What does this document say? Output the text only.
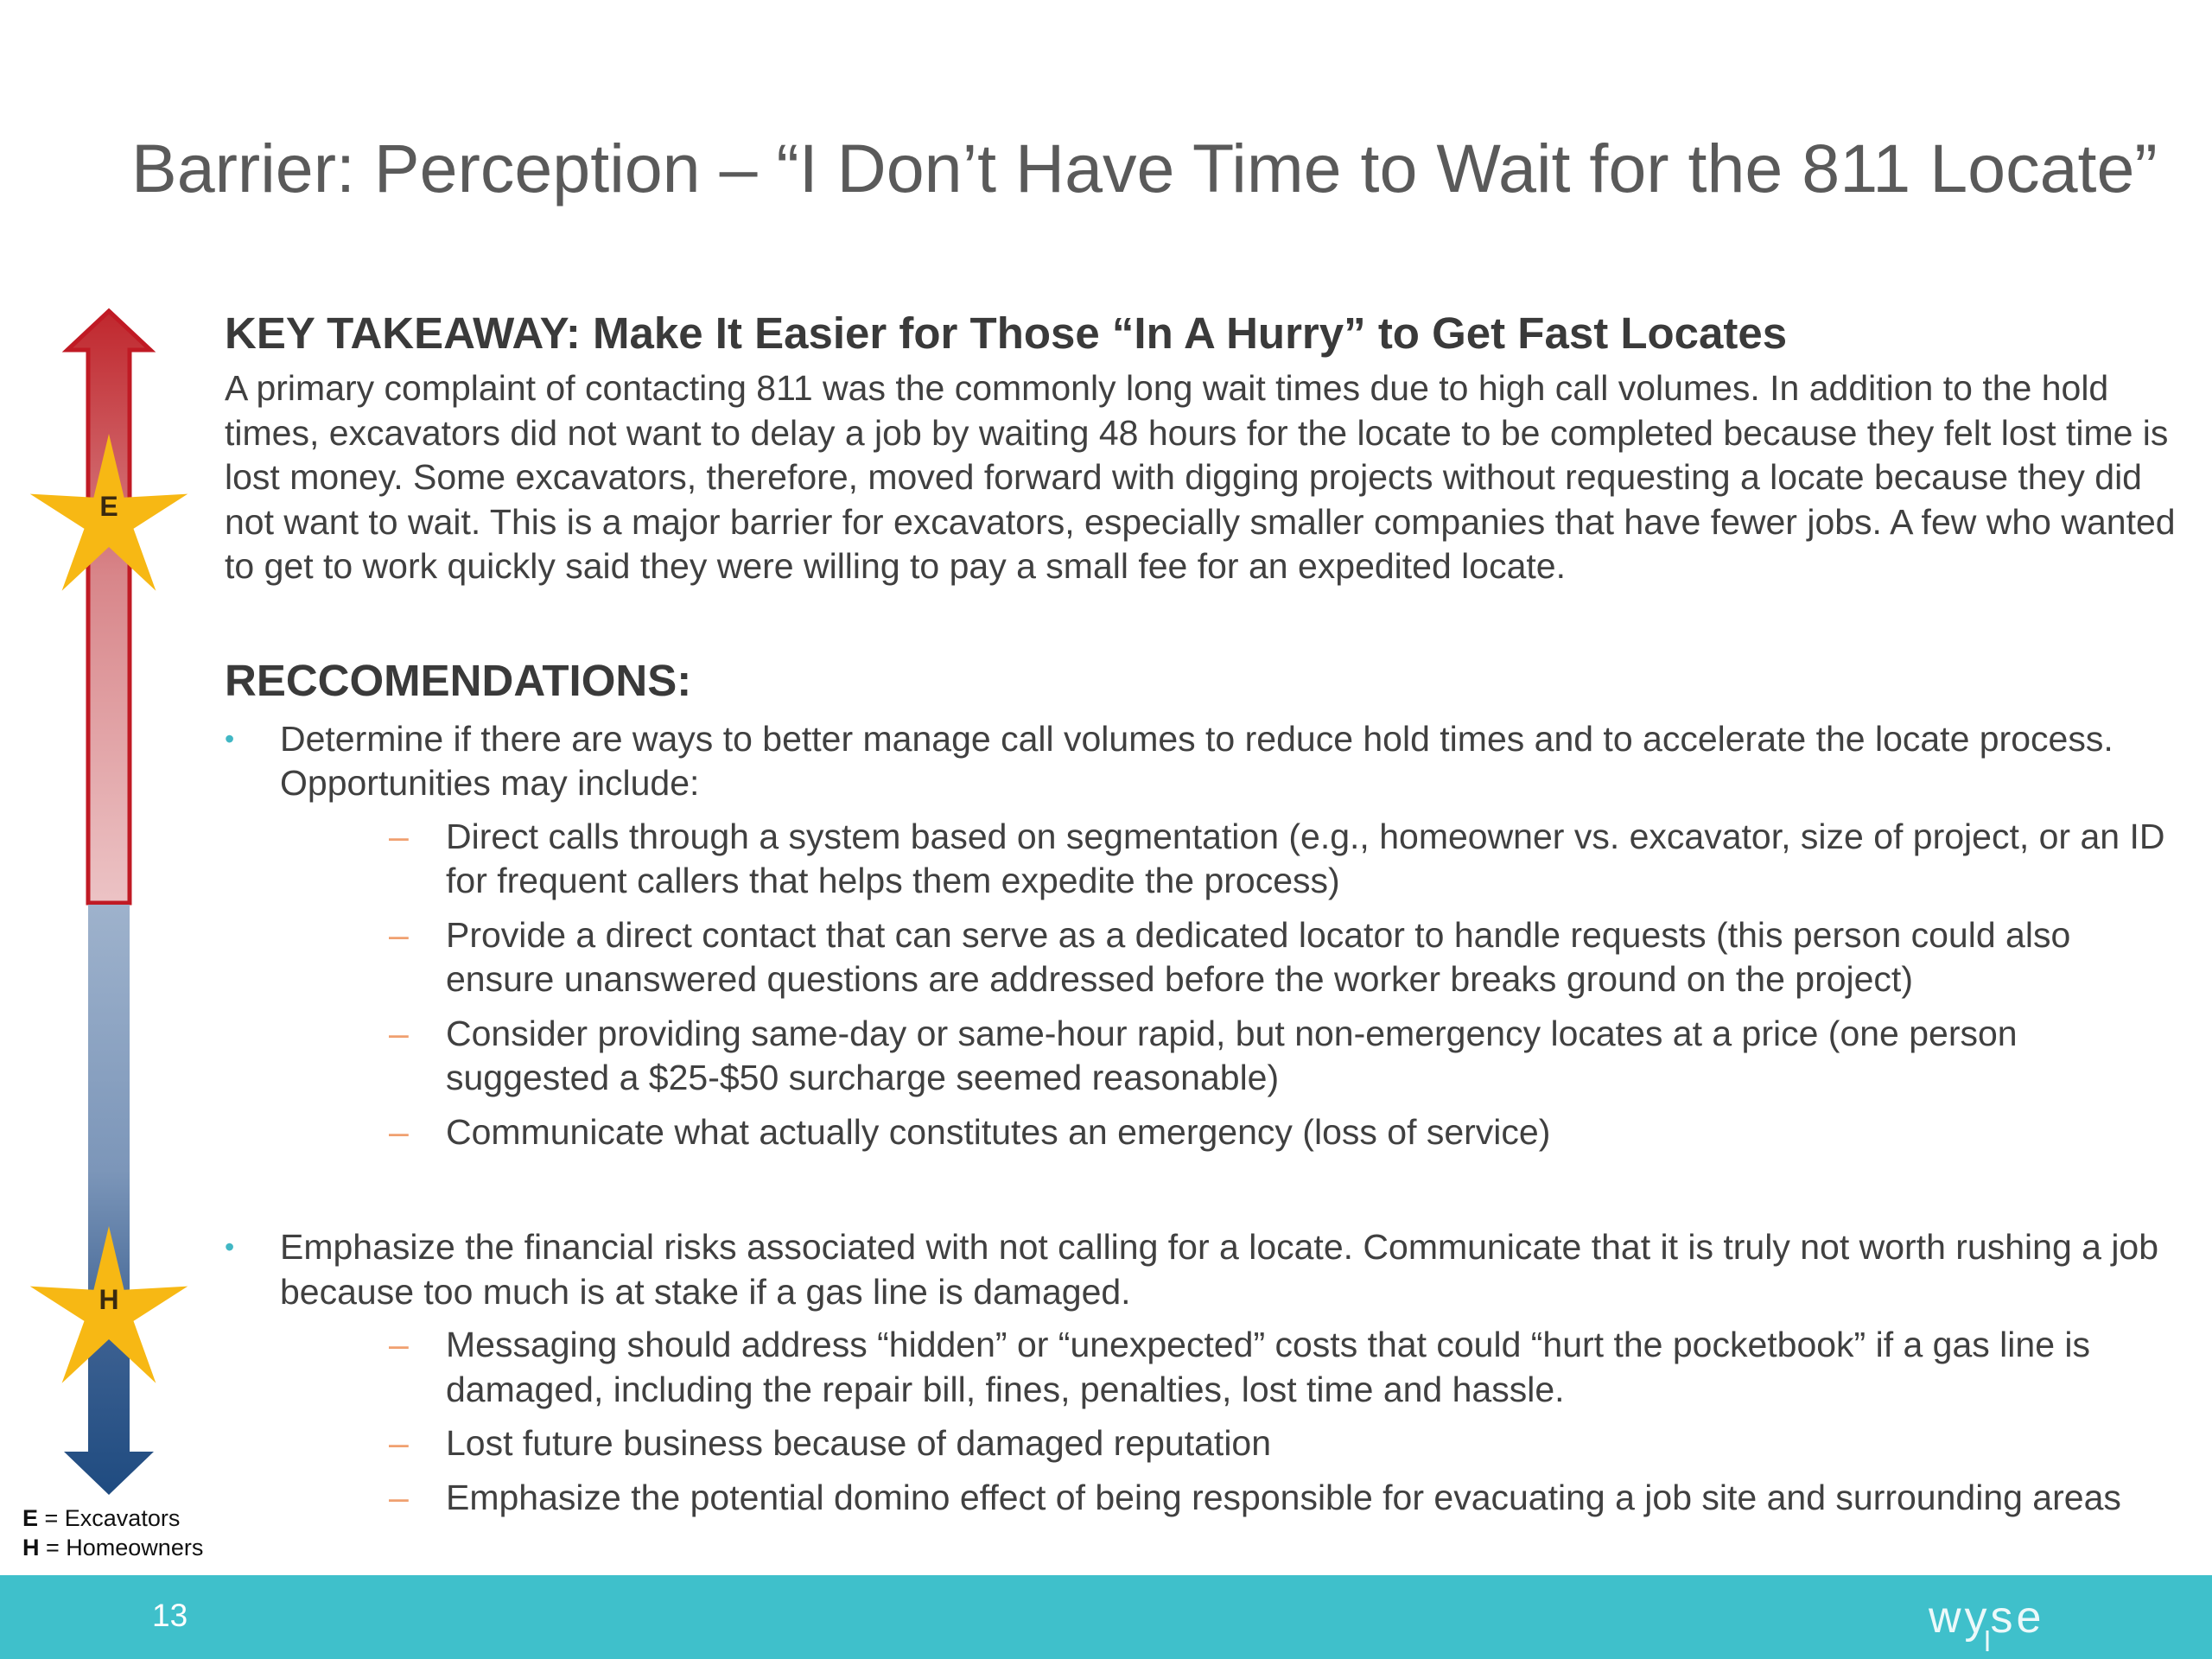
Barrier: Perception – “I Don’t Have Time to Wait for the 811 Locate”
E
H
E = Excavators
H = Homeowners
KEY TAKEAWAY: Make It Easier for Those “In A Hurry” to Get Fast Locates

A primary complaint of contacting 811 was the commonly long wait times due to high call volumes. In addition to the hold times, excavators did not want to delay a job by waiting 48 hours for the locate to be completed because they felt lost time is lost money. Some excavators, therefore, moved forward with digging projects without requesting a locate because they did not want to wait. This is a major barrier for excavators, especially smaller companies that have fewer jobs. A few who wanted to get to work quickly said they were willing to pay a small fee for an expedited locate.

RECCOMENDATIONS:
• Determine if there are ways to better manage call volumes to reduce hold times and to accelerate the locate process. Opportunities may include:
– Direct calls through a system based on segmentation (e.g., homeowner vs. excavator, size of project, or an ID for frequent callers that helps them expedite the process)
– Provide a direct contact that can serve as a dedicated locator to handle requests (this person could also ensure unanswered questions are addressed before the worker breaks ground on the project)
– Consider providing same-day or same-hour rapid, but non-emergency locates at a price (one person suggested a $25-$50 surcharge seemed reasonable)
– Communicate what actually constitutes an emergency (loss of service)
• Emphasize the financial risks associated with not calling for a locate. Communicate that it is truly not worth rushing a job because too much is at stake if a gas line is damaged.
– Messaging should address “hidden” or “unexpected” costs that could “hurt the pocketbook” if a gas line is damaged, including the repair bill, fines, penalties, lost time and hassle.
– Lost future business because of damaged reputation
– Emphasize the potential domino effect of being responsible for evacuating a job site and surrounding areas
13	wyse
